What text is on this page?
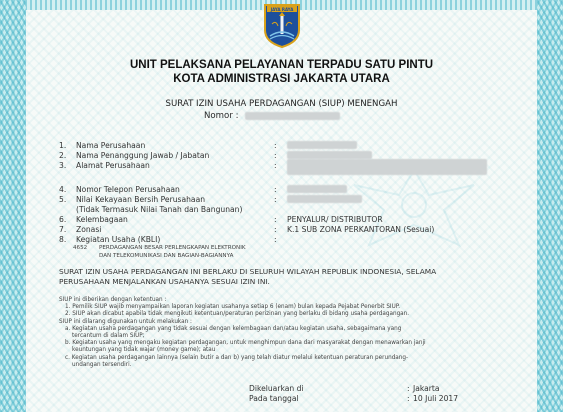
JAYA RAYA
UNIT PELAKSANA PELAYANAN TERPADU SATU PINTU
KOTA ADMINISTRASI JAKARTA UTARA
SURAT IZIN USAHA PERDAGANGAN (SIUP) MENENGAH
Nomor :
1.	Nama Perusahaan	:
2.	Nama Penanggung Jawab / Jabatan	:
3.	Alamat Perusahaan	:
4.	Nomor Telepon Perusahaan	:
5.	Nilai Kekayaan Bersih Perusahaan	:
(Tidak Termasuk Nilai Tanah dan Bangunan)
6.	Kelembagaan	: PENYALUR/ DISTRIBUTOR
7.	Zonasi	: K.1 SUB ZONA PERKANTORAN (Sesuai)
8.	Kegiatan Usaha (KBLI)	:
4652 PERDAGANGAN BESAR PERLENGKAPAN ELEKTRONIK
DAN TELEKOMUNIKASI DAN BAGIAN-BAGIANNYA
SURAT IZIN USAHA PERDAGANGAN INI BERLAKU DI SELURUH WILAYAH REPUBLIK INDONESIA, SELAMA
PERUSAHAAN MENJALANKAN USAHANYA SESUAI IZIN INI.
SIUP ini diberikan dengan ketentuan :
1. Pemilik SIUP wajib menyampaikan laporan kegiatan usahanya setiap 6 (enam) bulan kepada Pejabat Penerbit SIUP.
2. SIUP akan dicabut apabila tidak mengikuti ketentuan/peraturan perizinan yang berlaku di bidang usaha perdagangan.
SIUP ini dilarang digunakan untuk melakukan :
a. Kegiatan usaha perdagangan yang tidak sesuai dengan kelembagaan dan/atau kegiatan usaha, sebagaimana yang
tercantum di dalam SIUP;
b. Kegiatan usaha yang mengaku kegiatan perdagangan, untuk menghimpun dana dari masyarakat dengan menawarkan janji
keuntungan yang tidak wajar (money game); atau
c. Kegiatan usaha perdagangan lainnya (selain butir a dan b) yang telah diatur melalui ketentuan peraturan perundang-
undangan tersendiri.
Dikeluarkan di	: Jakarta
Pada tanggal	: 10 Juli 2017
